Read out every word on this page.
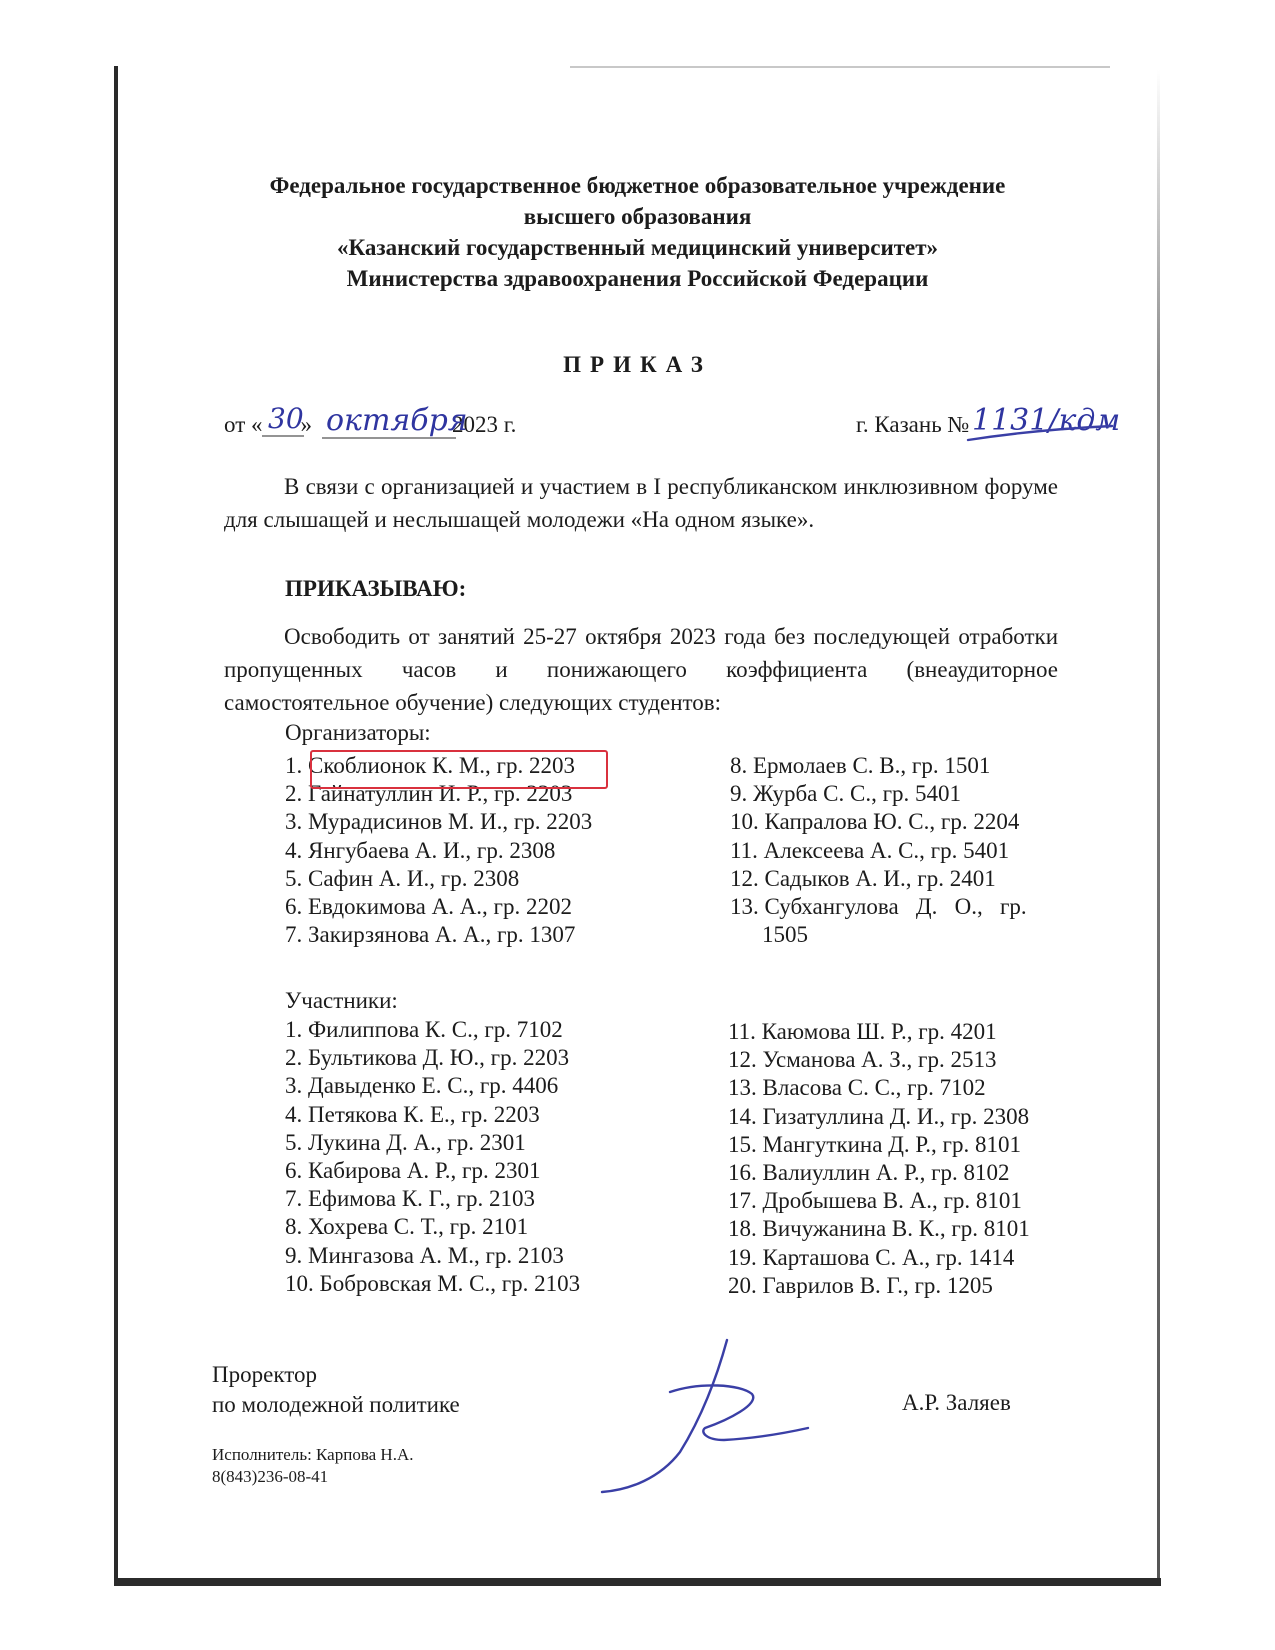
Федеральное государственное бюджетное образовательное учреждение
высшего образования
«Казанский государственный медицинский университет»
Министерства здравоохранения Российской Федерации
ПРИКАЗ
от « »	2023 г.
30 октября	1131/кдм
г. Казань №
В связи с организацией и участием в I республиканском инклюзивном форуме для слышащей и неслышащей молодежи «На одном языке».
ПРИКАЗЫВАЮ:
Освободить от занятий 25-27 октября 2023 года без последующей отработки пропущенных часов и понижающего коэффициента (внеаудиторное самостоятельное обучение) следующих студентов:
Организаторы:
1. Скоблионок К. М., гр. 2203
2. Гайнатуллин И. Р., гр. 2203
3. Мурадисинов М. И., гр. 2203
4. Янгубаева А. И., гр. 2308
5. Сафин А. И., гр. 2308
6. Евдокимова А. А., гр. 2202
7. Закирзянова А. А., гр. 1307
8. Ермолаев С. В., гр. 1501
9. Журба С. С., гр. 5401
10. Капралова Ю. С., гр. 2204
11. Алексеева А. С., гр. 5401
12. Садыков А. И., гр. 2401
13. Субхангулова   Д.   О.,   гр.
1505
Участники:
1. Филиппова К. С., гр. 7102
2. Бультикова Д. Ю., гр. 2203
3. Давыденко Е. С., гр. 4406
4. Петякова К. Е., гр. 2203
5. Лукина Д. А., гр. 2301
6. Кабирова А. Р., гр. 2301
7. Ефимова К. Г., гр. 2103
8. Хохрева С. Т., гр. 2101
9. Мингазова А. М., гр. 2103
10. Бобровская М. С., гр. 2103
11. Каюмова Ш. Р., гр. 4201
12. Усманова А. З., гр. 2513
13. Власова С. С., гр. 7102
14. Гизатуллина Д. И., гр. 2308
15. Мангуткина Д. Р., гр. 8101
16. Валиуллин А. Р., гр. 8102
17. Дробышева В. А., гр. 8101
18. Вичужанина В. К., гр. 8101
19. Карташова С. А., гр. 1414
20. Гаврилов В. Г., гр. 1205
Проректор
по молодежной политике	А.Р. Заляев
Исполнитель: Карпова Н.А.
8(843)236-08-41
